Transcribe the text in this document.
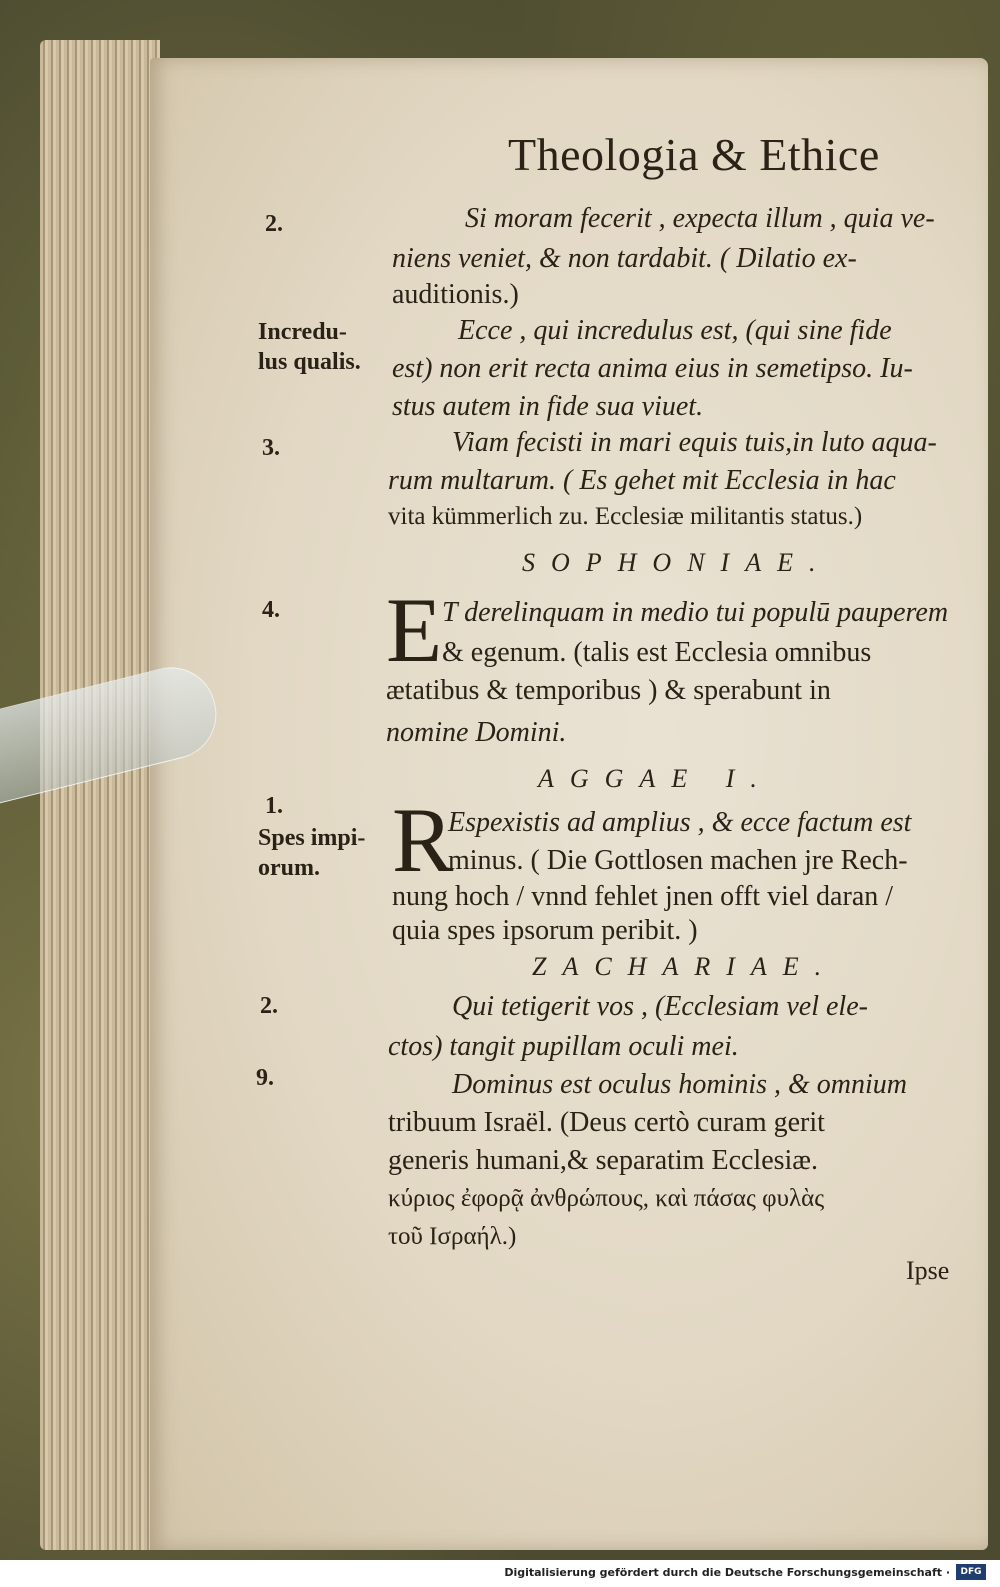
Theologia & Ethice
2.	Si moram fecerit , expecta illum , quia ve-
niens veniet, & non tardabit. ( Dilatio ex-
auditionis.)
Incredu-	Ecce , qui incredulus est, (qui sine fide
lus qualis. est) non erit recta anima eius in semetipso. Iu-
stus autem in fide sua viuet.
3.	Viam fecisti in mari equis tuis,in luto aqua-
rum multarum. ( Es gehet mit Ecclesia in hac
vita kümmerlich zu. Ecclesiæ militantis status.)
SOPHONIAE.
4. E T derelinquam in medio tui populū pauperem
& egenum. (talis est Ecclesia omnibus
ætatibus & temporibus ) & sperabunt in
nomine Domini.
AGGAE I.
1.
Spes impi-
orum. R
Espexistis ad amplius , & ecce factum est
minus. ( Die Gottlosen machen jre Rech-
nung hoch / vnnd fehlet jnen offt viel daran /
quia spes ipsorum peribit. )
ZACHARIAE.
2.	Qui tetigerit vos , (Ecclesiam vel ele-
ctos) tangit pupillam oculi mei.
9.	Dominus est oculus hominis , & omnium
tribuum Israël. (Deus certò curam gerit
generis humani,& separatim Ecclesiæ.
κύριος ἐφορᾷ ἀνθρώπους, καὶ πάσας φυλὰς
τοῦ Ισραήλ.)
Ipse
Digitalisierung gefördert durch die Deutsche Forschungsgemeinschaft ·	DFG
